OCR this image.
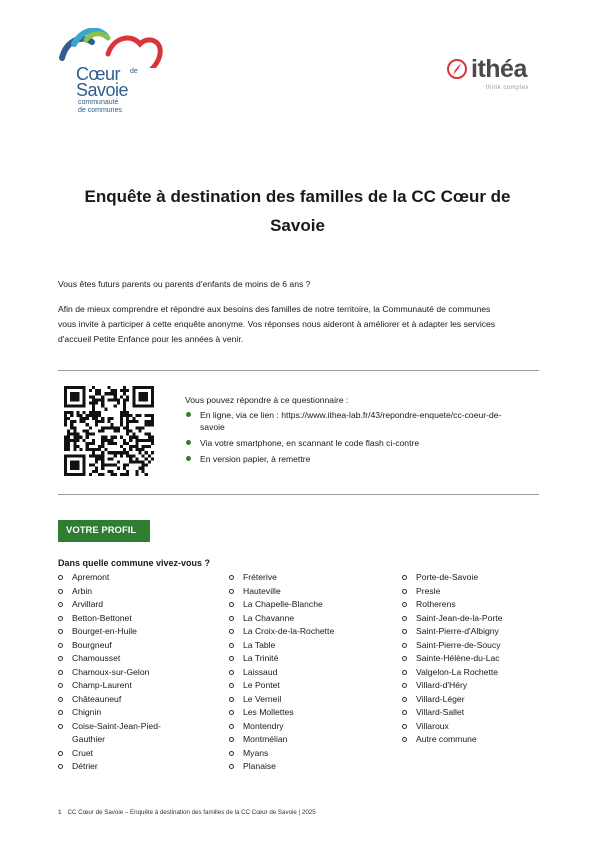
Cœur de
Savoie
communauté
de communes
ithéa
think complex
Enquête à destination des familles de la CC Cœur de
Savoie
Vous êtes futurs parents ou parents d'enfants de moins de 6 ans ?
Afin de mieux comprendre et répondre aux besoins des familles de notre territoire, la Communauté de communes
vous invite à participer à cette enquête anonyme. Vos réponses nous aideront à améliorer et à adapter les services
d'accueil Petite Enfance pour les années à venir.
Vous pouvez répondre à ce questionnaire :
En ligne, via ce lien : https://www.ithea-lab.fr/43/repondre-enquete/cc-coeur-de-
savoie
Via votre smartphone, en scannant le code flash ci-contre
En version papier, à remettre
VOTRE PROFIL
Dans quelle commune vivez-vous ?
Apremont
Arbin
Arvillard
Betton-Bettonet
Bourget-en-Huile
Bourgneuf
Chamousset
Chamoux-sur-Gelon
Champ-Laurent
Châteauneuf
Chignin
Coise-Saint-Jean-Pied-
Gauthier
Cruet
Détrier
Fréterive
Hauteville
La Chapelle-Blanche
La Chavanne
La Croix-de-la-Rochette
La Table
La Trinité
Laissaud
Le Pontet
Le Verneil
Les Mollettes
Montendry
Montmélian
Myans
Planaise
Porte-de-Savoie
Presle
Rotherens
Saint-Jean-de-la-Porte
Saint-Pierre-d'Albigny
Saint-Pierre-de-Soucy
Sainte-Hélène-du-Lac
Valgelon-La Rochette
Villard-d'Héry
Villard-Léger
Villard-Sallet
Villaroux
Autre commune
1 CC Cœur de Savoie – Enquête à destination des familles de la CC Cœur de Savoie | 2025
